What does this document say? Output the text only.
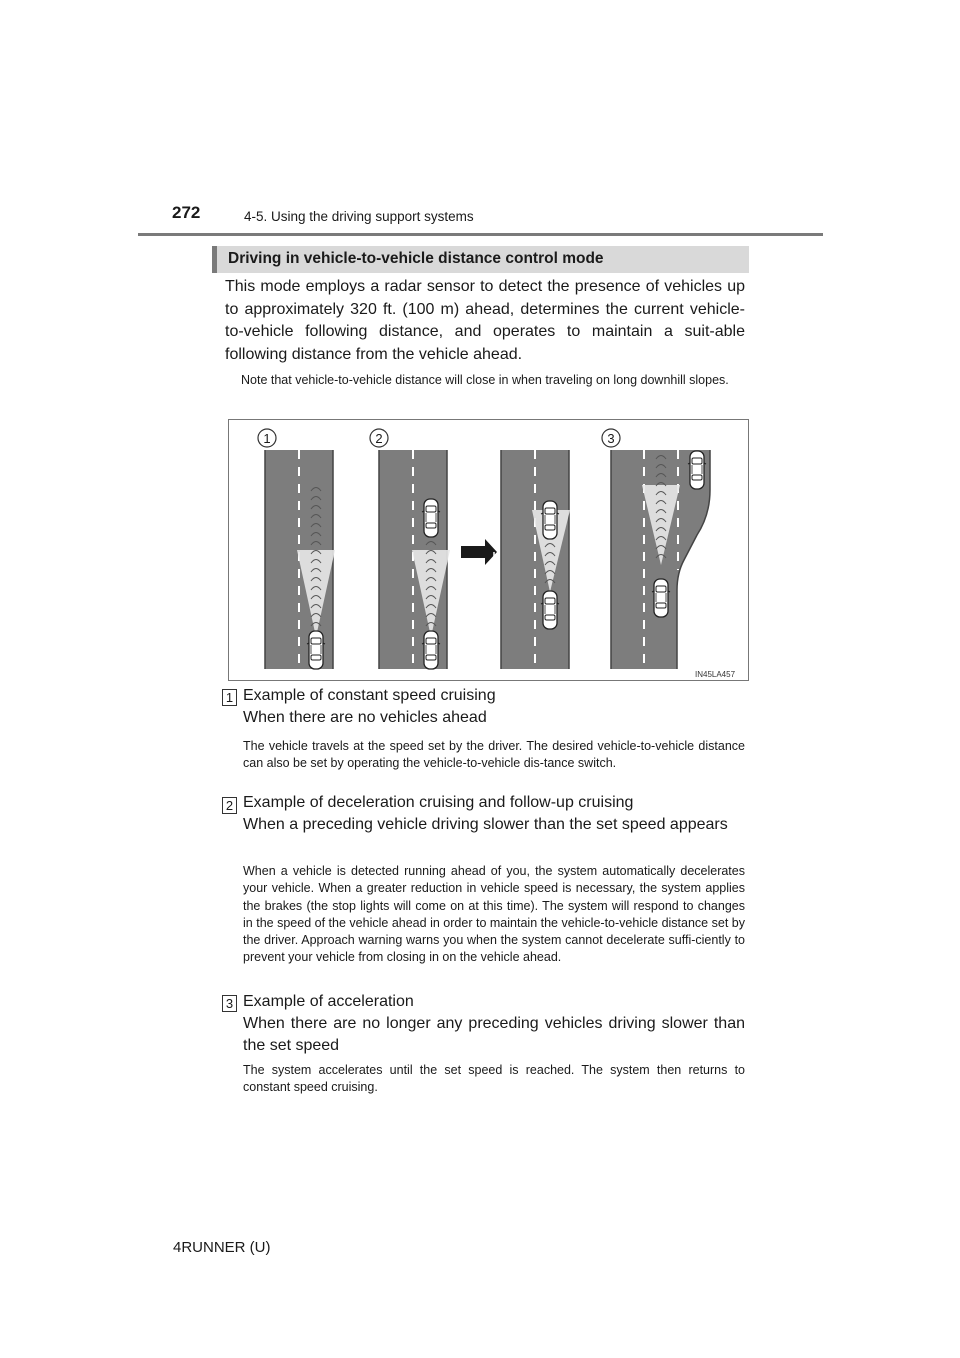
272	4-5. Using the driving support systems
Driving in vehicle-to-vehicle distance control mode
This mode employs a radar sensor to detect the presence of vehicles up to approximately 320 ft. (100 m) ahead, determines the current vehicle-to-vehicle following distance, and operates to maintain a suit-able following distance from the vehicle ahead.
Note that vehicle-to-vehicle distance will close in when traveling on long downhill slopes.
1	2	3
IN45LA457
1 Example of constant speed cruising
When there are no vehicles ahead
The vehicle travels at the speed set by the driver. The desired vehicle-to-vehicle distance can also be set by operating the vehicle-to-vehicle dis-tance switch.
2 Example of deceleration cruising and follow-up cruising
When a preceding vehicle driving slower than the set speed appears
When a vehicle is detected running ahead of you, the system automatically decelerates your vehicle. When a greater reduction in vehicle speed is necessary, the system applies the brakes (the stop lights will come on at this time). The system will respond to changes in the speed of the vehicle ahead in order to maintain the vehicle-to-vehicle distance set by the driver. Approach warning warns you when the system cannot decelerate suffi-ciently to prevent your vehicle from closing in on the vehicle ahead.
3 Example of acceleration
When there are no longer any preceding vehicles driving slower than the set speed
The system accelerates until the set speed is reached. The system then returns to constant speed cruising.
4RUNNER (U)
